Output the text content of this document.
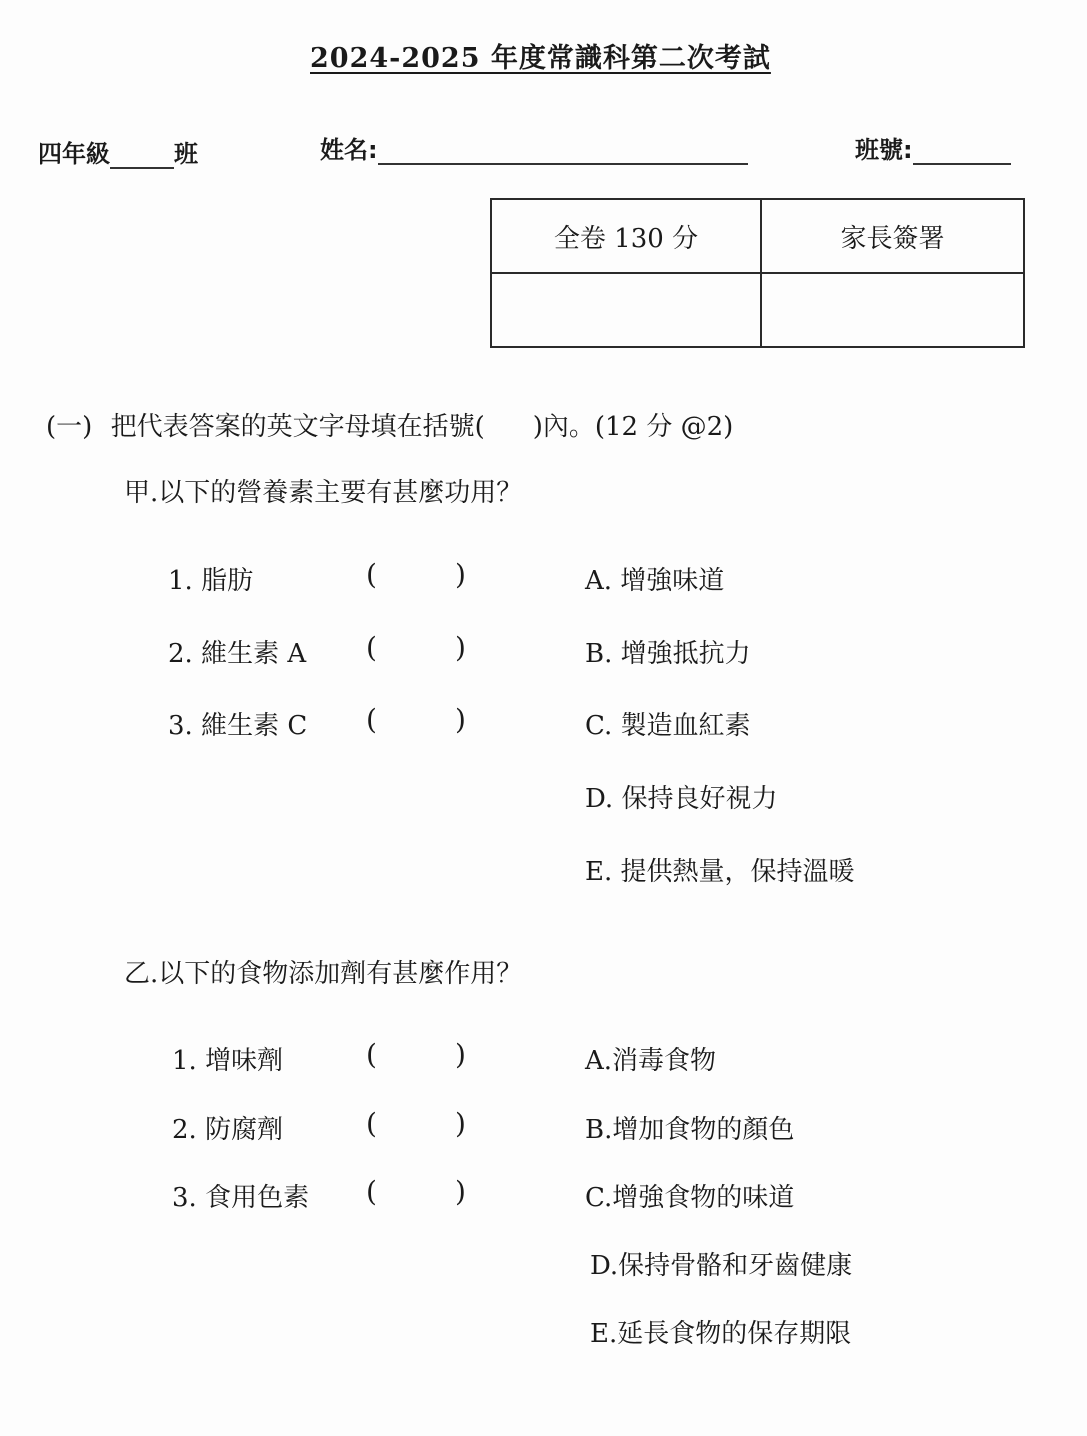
2024-2025 年度常識科第二次考試
四年級	班	姓名:	班號:
全卷 130 分	家長簽署

(一) 把代表答案的英文字母填在括號( )內。(12 分 @2)
甲.以下的營養素主要有甚麼功用？
1. 脂肪	(	)
2. 維生素 A (	)
3. 維生素 C (	)
A. 增強味道
B. 增強抵抗力
C. 製造血紅素
D. 保持良好視力
E. 提供熱量，保持溫暖
乙.以下的食物添加劑有甚麼作用？
1. 增味劑	(	)
2. 防腐劑	(	)
3. 食用色素 (	)
A.消毒食物
B.增加食物的顏色
C.增強食物的味道
D.保持骨骼和牙齒健康
E.延長食物的保存期限
